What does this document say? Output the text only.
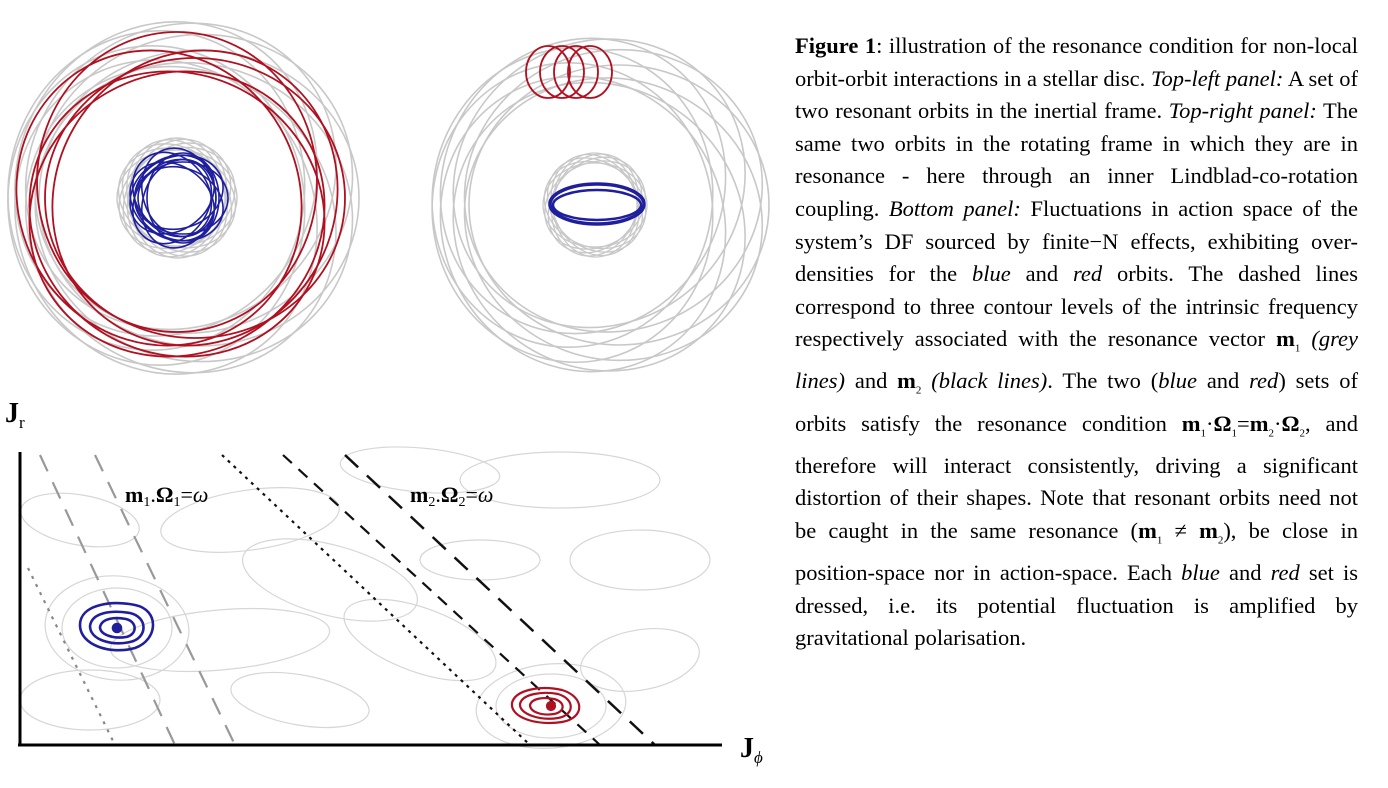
$J_r$
$J_\phi$
m1.Ω1=ω	m2.Ω2=ω
Figure 1: illustration of the resonance condition for non-local orbit-orbit interactions in a stellar disc. Top-left panel: A set of two resonant orbits in the inertial frame. Top-right panel: The same two orbits in the rotating frame in which they are in resonance - here through an inner Lindblad-co-rotation coupling. Bottom panel: Fluctuations in action space of the system’s DF sourced by finite−N effects, exhibiting over-densities for the blue and red orbits. The dashed lines correspond to three contour levels of the intrinsic frequency respectively associated with the resonance vector $m_1$ (grey lines) and $m_2$ (black lines). The two (blue and red) sets of orbits satisfy the resonance condition $m_1\cdot\Omega_1=m_2\cdot\Omega_2$, and therefore will interact consistently, driving a significant distortion of their shapes. Note that resonant orbits need not be caught in the same resonance $(m_1 \ne m_2)$, be close in position-space nor in action-space. Each blue and red set is dressed, i.e. its potential fluctuation is amplified by gravitational polarisation.
